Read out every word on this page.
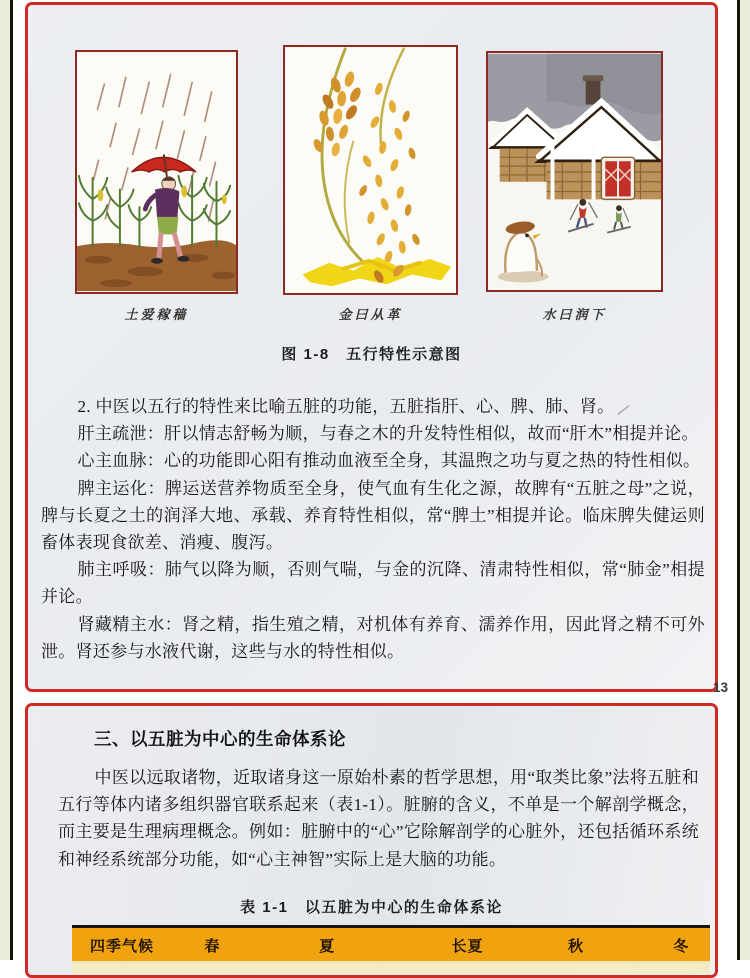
土爱稼穑	金曰从革	水曰润下
图 1-8　五行特性示意图

2. 中医以五行的特性来比喻五脏的功能，五脏指肝、心、脾、肺、肾。

肝主疏泄：肝以情志舒畅为顺，与春之木的升发特性相似，故而“肝木”相提并论。

心主血脉：心的功能即心阳有推动血液至全身，其温煦之功与夏之热的特性相似。

脾主运化：脾运送营养物质至全身，使气血有生化之源，故脾有“五脏之母”之说，脾与长夏之土的润泽大地、承载、养育特性相似，常“脾土”相提并论。临床脾失健运则畜体表现食欲差、消瘦、腹泻。

肺主呼吸：肺气以降为顺，否则气喘，与金的沉降、清肃特性相似，常“肺金”相提并论。

肾藏精主水：肾之精，指生殖之精，对机体有养育、濡养作用，因此肾之精不可外泄。肾还参与水液代谢，这些与水的特性相似。

13
三、以五脏为中心的生命体系论

中医以远取诸物，近取诸身这一原始朴素的哲学思想，用“取类比象”法将五脏和五行等体内诸多组织器官联系起来（表1-1）。脏腑的含义，不单是一个解剖学概念，而主要是生理病理概念。例如：脏腑中的“心”它除解剖学的心脏外，还包括循环系统和神经系统部分功能，如“心主神智”实际上是大脑的功能。

表 1-1　以五脏为中心的生命体系论
四季气候	春	夏	长夏	秋	冬
